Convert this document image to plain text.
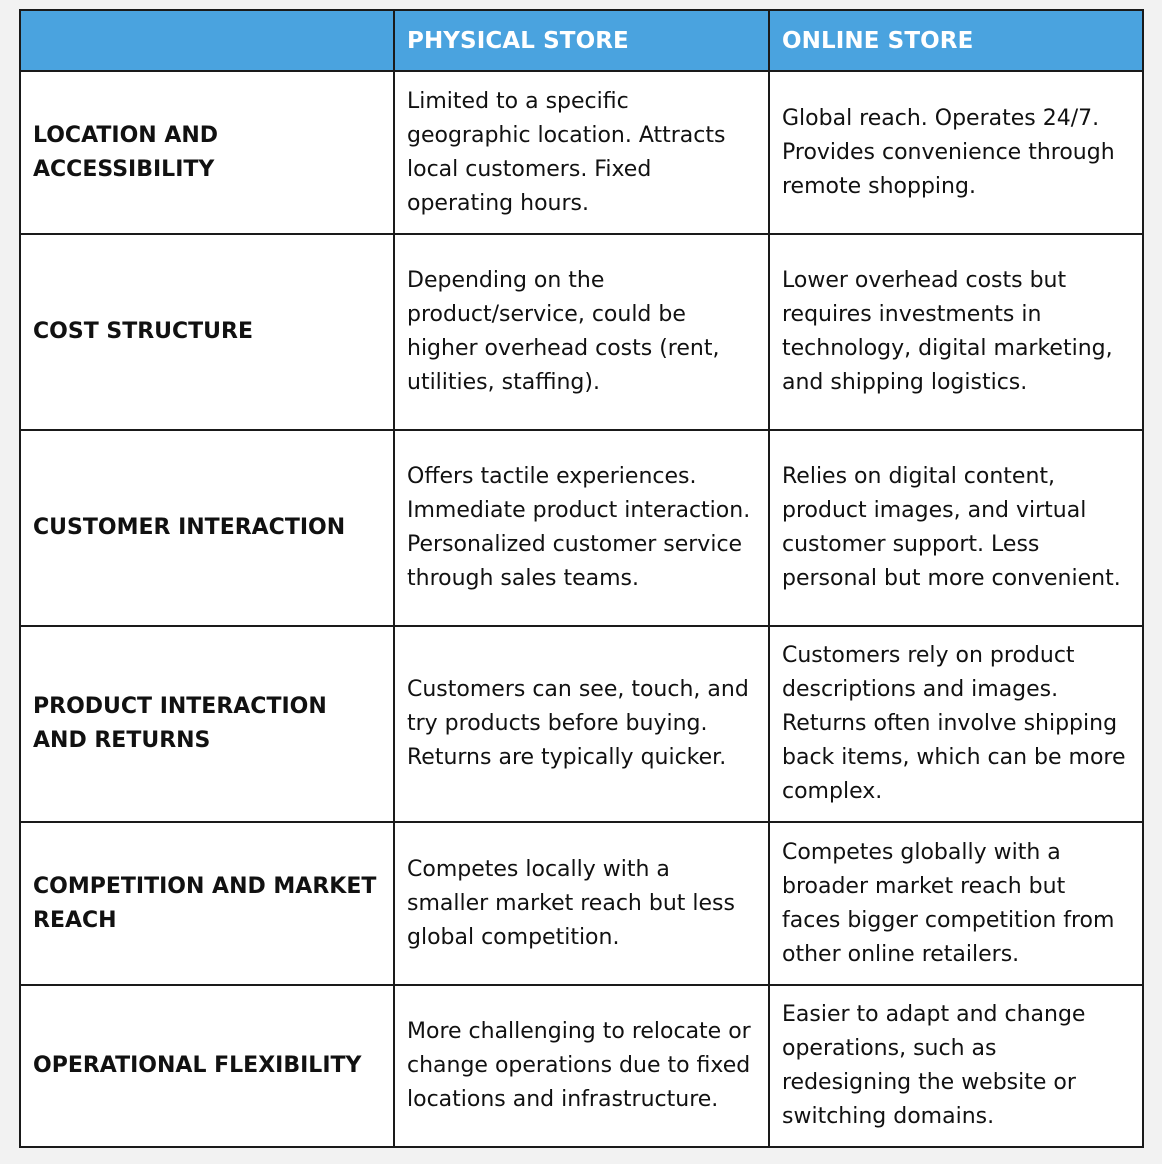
	PHYSICAL STORE	ONLINE STORE
LOCATION AND ACCESSIBILITY	Limited to a specific geographic location. Attracts local customers. Fixed operating hours.	Global reach. Operates 24/7. Provides convenience through remote shopping.
COST STRUCTURE	Depending on the product/service, could be higher overhead costs (rent, utilities, staffing).	Lower overhead costs but requires investments in technology, digital marketing, and shipping logistics.
CUSTOMER INTERACTION	Offers tactile experiences. Immediate product interaction. Personalized customer service through sales teams.	Relies on digital content, product images, and virtual customer support. Less personal but more convenient.
PRODUCT INTERACTION AND RETURNS	Customers can see, touch, and try products before buying. Returns are typically quicker.	Customers rely on product descriptions and images. Returns often involve shipping back items, which can be more complex.
COMPETITION AND MARKET REACH	Competes locally with a smaller market reach but less global competition.	Competes globally with a broader market reach but faces bigger competition from other online retailers.
OPERATIONAL FLEXIBILITY	More challenging to relocate or change operations due to fixed locations and infrastructure.	Easier to adapt and change operations, such as redesigning the website or switching domains.
